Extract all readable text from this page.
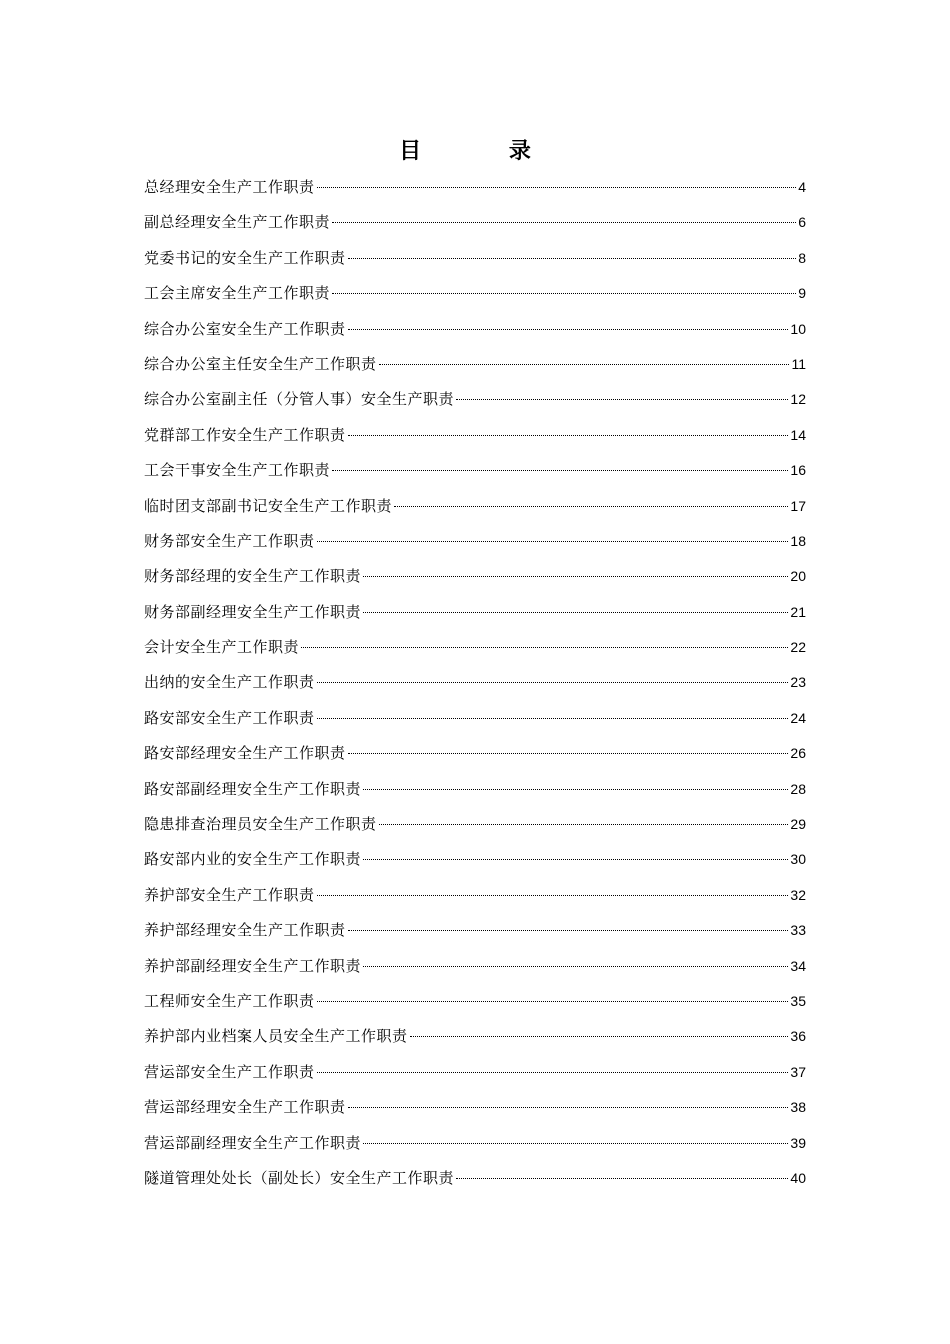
目 录
总经理安全生产工作职责	4
副总经理安全生产工作职责	6
党委书记的安全生产工作职责	8
工会主席安全生产工作职责	9
综合办公室安全生产工作职责	10
综合办公室主任安全生产工作职责	11
综合办公室副主任（分管人事）安全生产职责	12
党群部工作安全生产工作职责	14
工会干事安全生产工作职责	16
临时团支部副书记安全生产工作职责	17
财务部安全生产工作职责	18
财务部经理的安全生产工作职责	20
财务部副经理安全生产工作职责	21
会计安全生产工作职责	22
出纳的安全生产工作职责	23
路安部安全生产工作职责	24
路安部经理安全生产工作职责	26
路安部副经理安全生产工作职责	28
隐患排查治理员安全生产工作职责	29
路安部内业的安全生产工作职责	30
养护部安全生产工作职责	32
养护部经理安全生产工作职责	33
养护部副经理安全生产工作职责	34
工程师安全生产工作职责	35
养护部内业档案人员安全生产工作职责	36
营运部安全生产工作职责	37
营运部经理安全生产工作职责	38
营运部副经理安全生产工作职责	39
隧道管理处处长（副处长）安全生产工作职责	40
